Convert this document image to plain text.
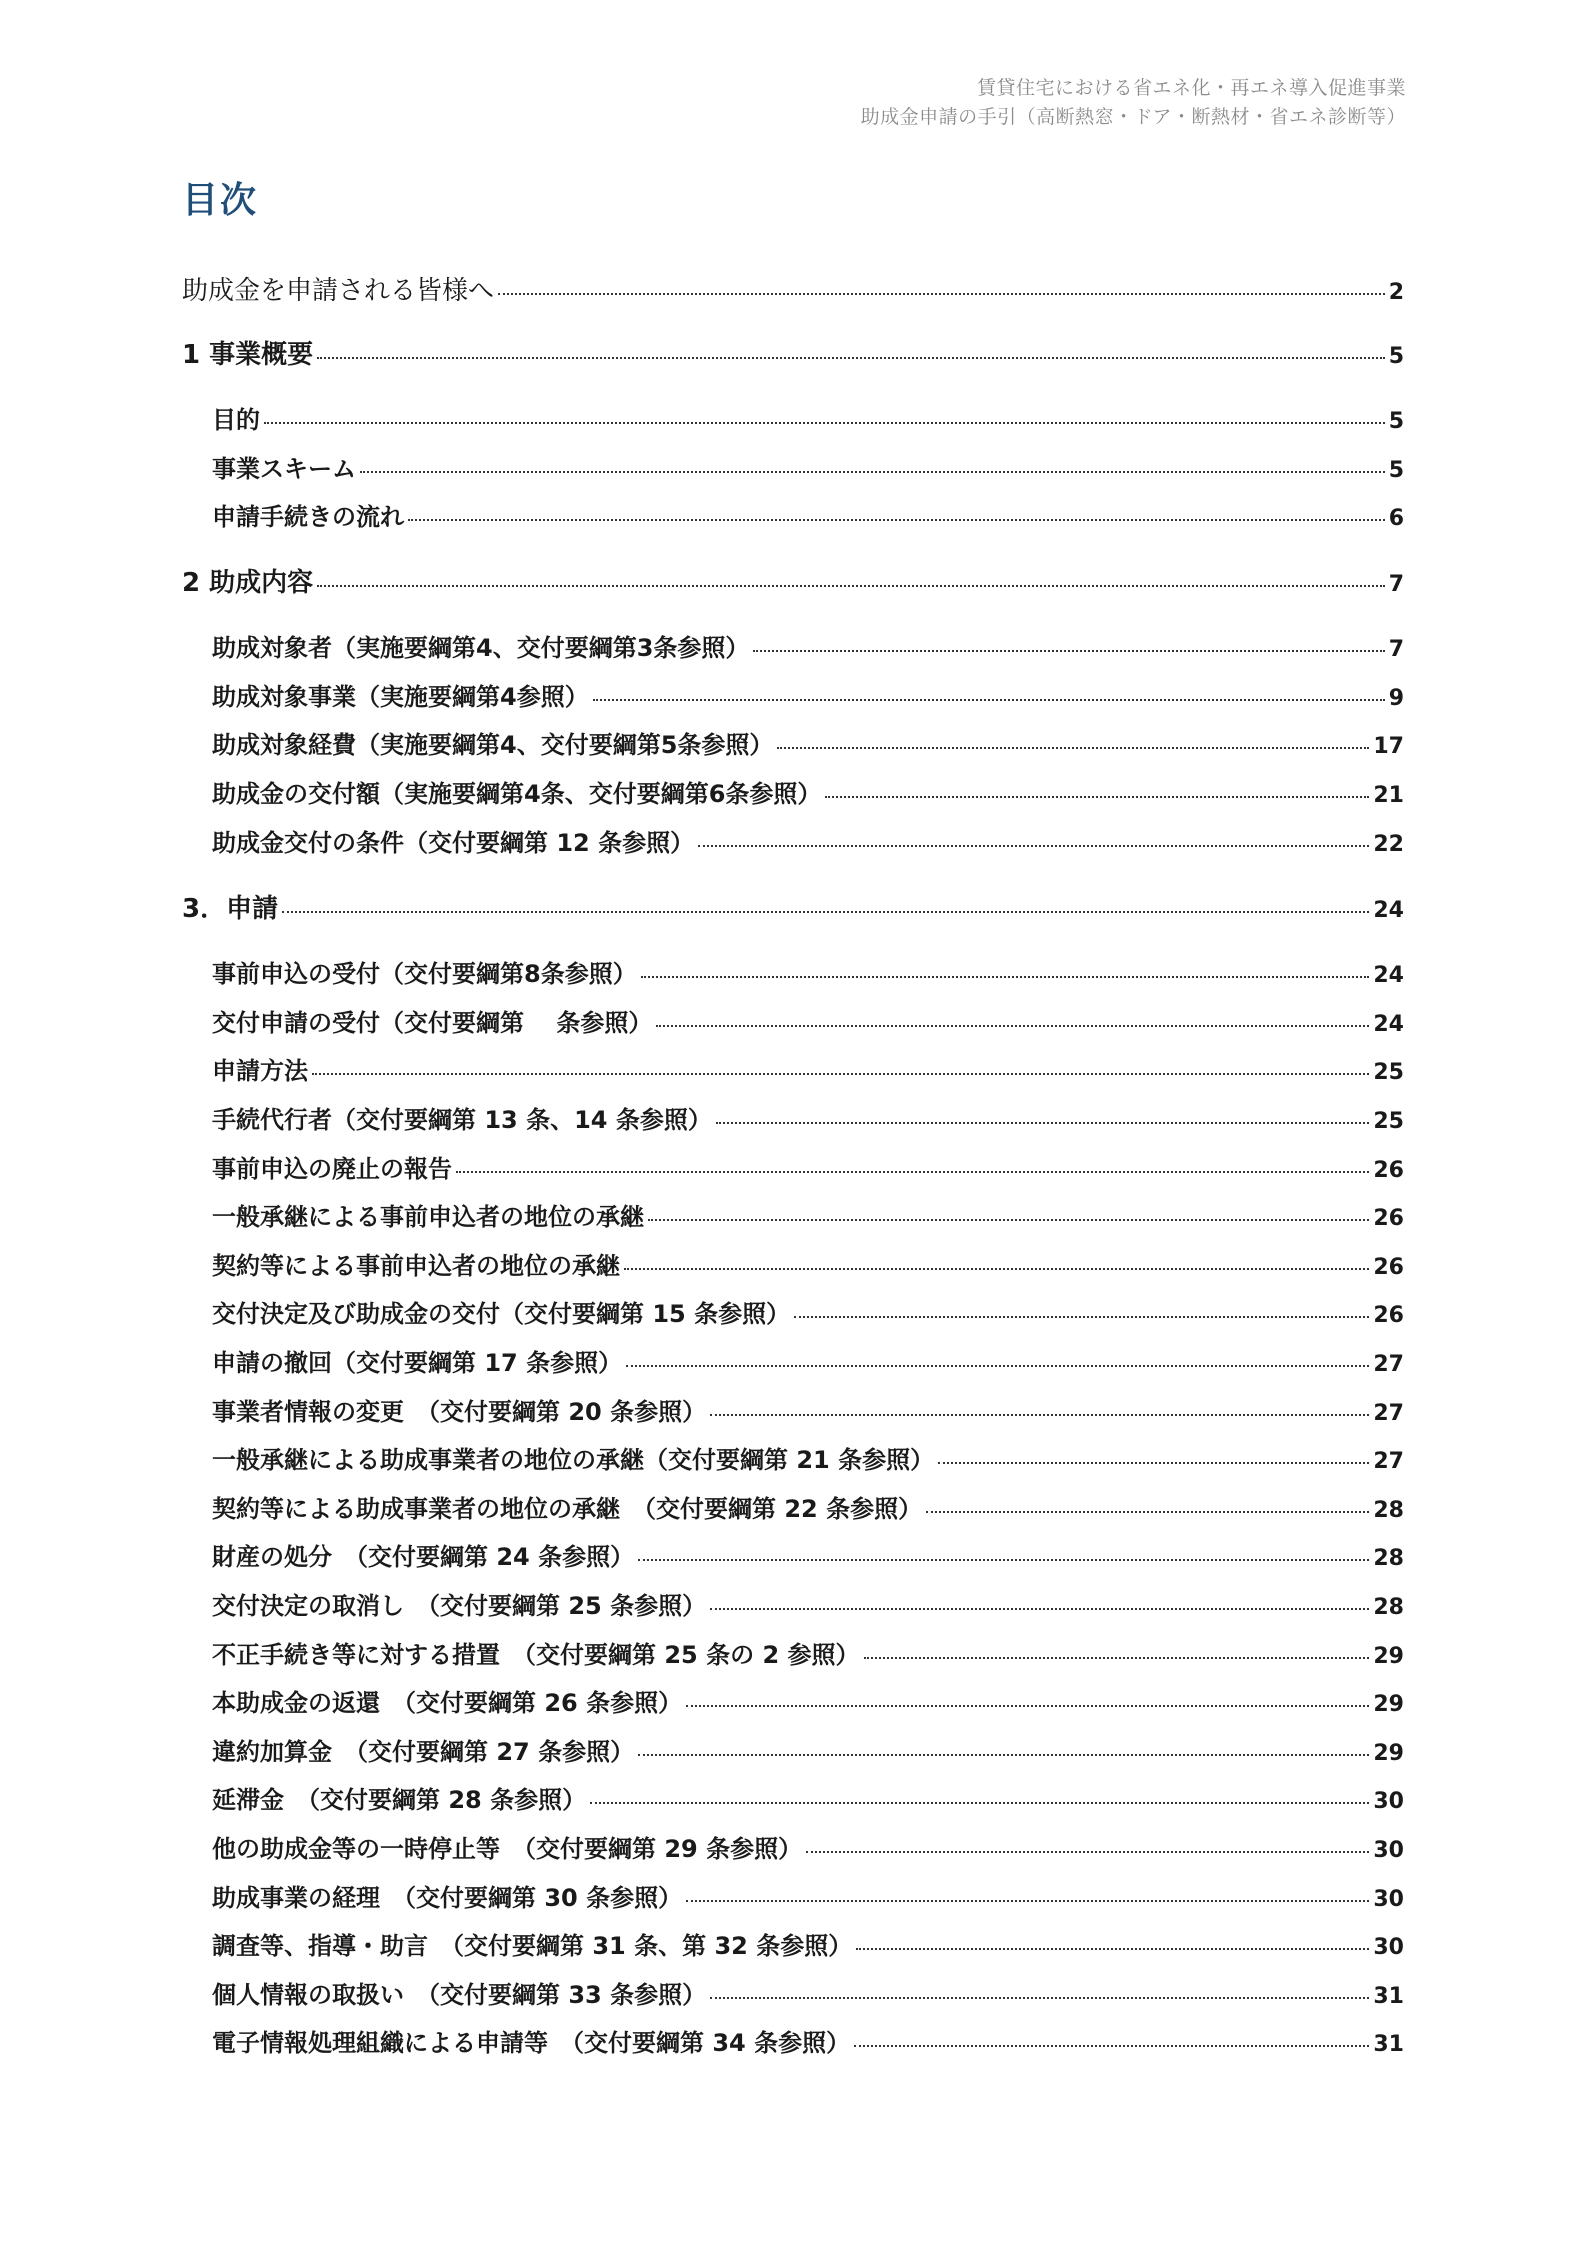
賃貸住宅における省エネ化・再エネ導入促進事業
助成金申請の手引（高断熱窓・ドア・断熱材・省エネ診断等）
目次
助成金を申請される皆様へ	2
1 事業概要	5
目的	5
事業スキーム	5
申請手続きの流れ	6
2 助成内容	7
助成対象者（実施要綱第4、交付要綱第3条参照）	7
助成対象事業（実施要綱第4参照）	9
助成対象経費（実施要綱第4、交付要綱第5条参照）	17
助成金の交付額（実施要綱第4条、交付要綱第6条参照）	21
助成金交付の条件（交付要綱第 12 条参照）	22
3．申請	24
事前申込の受付（交付要綱第8条参照）	24
交付申請の受付（交付要綱第　 条参照）	24
申請方法	25
手続代行者（交付要綱第 13 条、14 条参照）	25
事前申込の廃止の報告	26
一般承継による事前申込者の地位の承継	26
契約等による事前申込者の地位の承継	26
交付決定及び助成金の交付（交付要綱第 15 条参照）	26
申請の撤回（交付要綱第 17 条参照）	27
事業者情報の変更　（交付要綱第 20 条参照）	27
一般承継による助成事業者の地位の承継（交付要綱第 21 条参照）	27
契約等による助成事業者の地位の承継　（交付要綱第 22 条参照）	28
財産の処分　（交付要綱第 24 条参照）	28
交付決定の取消し　（交付要綱第 25 条参照）	28
不正手続き等に対する措置　（交付要綱第 25 条の 2 参照）	29
本助成金の返還　（交付要綱第 26 条参照）	29
違約加算金　（交付要綱第 27 条参照）	29
延滞金　（交付要綱第 28 条参照）	30
他の助成金等の一時停止等　（交付要綱第 29 条参照）	30
助成事業の経理　（交付要綱第 30 条参照）	30
調査等、指導・助言　（交付要綱第 31 条、第 32 条参照）	30
個人情報の取扱い　（交付要綱第 33 条参照）	31
電子情報処理組織による申請等　（交付要綱第 34 条参照）	31
